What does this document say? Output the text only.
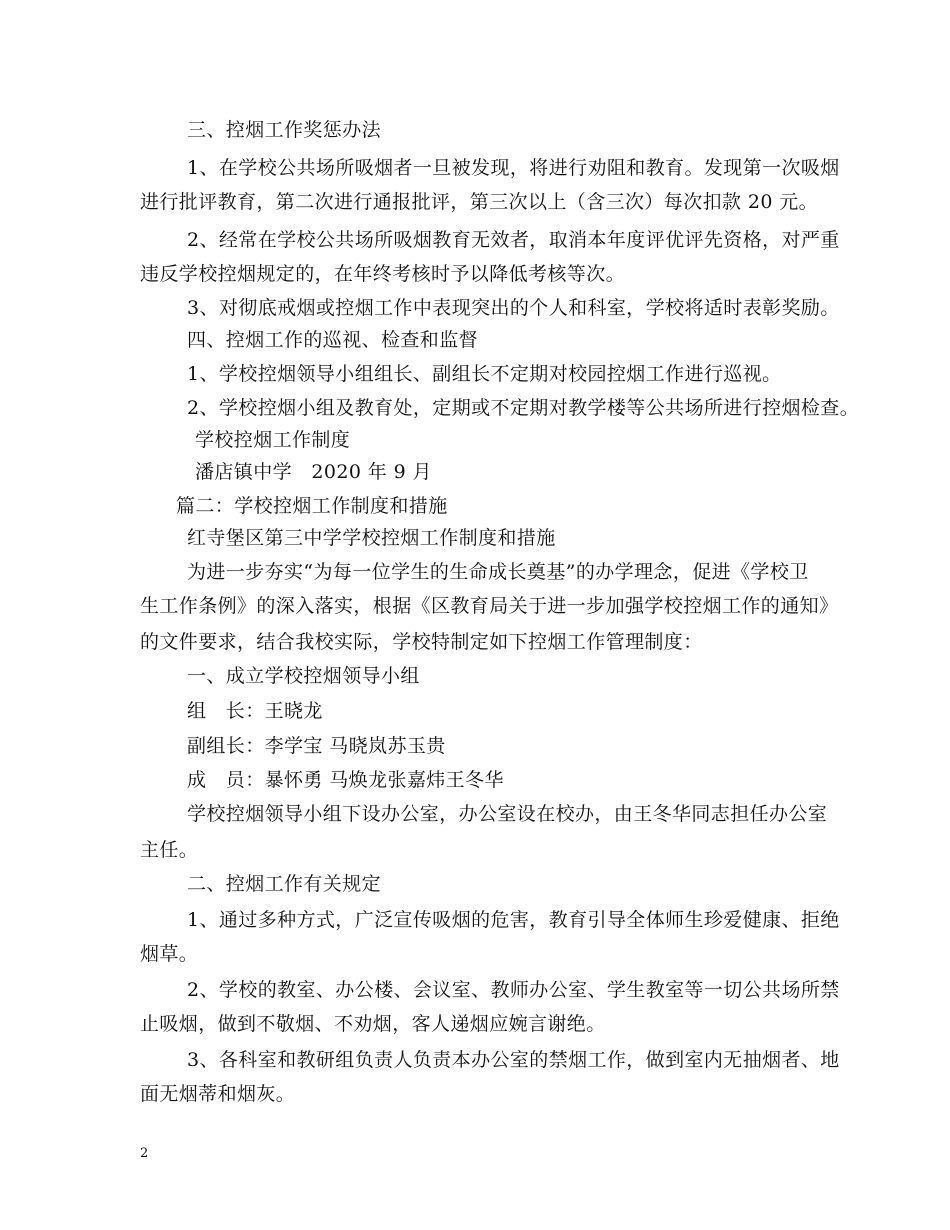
三、控烟工作奖惩办法
1、在学校公共场所吸烟者一旦被发现，将进行劝阻和教育。发现第一次吸烟
进行批评教育，第二次进行通报批评，第三次以上（含三次）每次扣款 20 元。
2、经常在学校公共场所吸烟教育无效者，取消本年度评优评先资格，对严重
违反学校控烟规定的，在年终考核时予以降低考核等次。
3、对彻底戒烟或控烟工作中表现突出的个人和科室，学校将适时表彰奖励。
四、控烟工作的巡视、检查和监督
1、学校控烟领导小组组长、副组长不定期对校园控烟工作进行巡视。
2、学校控烟小组及教育处，定期或不定期对教学楼等公共场所进行控烟检查。
学校控烟工作制度
潘店镇中学　2020 年 9 月
篇二：学校控烟工作制度和措施
红寺堡区第三中学学校控烟工作制度和措施
为进一步夯实“为每一位学生的生命成长奠基”的办学理念，促进《学校卫
生工作条例》的深入落实，根据《区教育局关于进一步加强学校控烟工作的通知》
的文件要求，结合我校实际，学校特制定如下控烟工作管理制度：
一、成立学校控烟领导小组
组　长：王晓龙
副组长：李学宝 马晓岚苏玉贵
成　员：暴怀勇 马焕龙张嘉炜王冬华
学校控烟领导小组下设办公室，办公室设在校办，由王冬华同志担任办公室
主任。
二、控烟工作有关规定
1、通过多种方式，广泛宣传吸烟的危害，教育引导全体师生珍爱健康、拒绝
烟草。
2、学校的教室、办公楼、会议室、教师办公室、学生教室等一切公共场所禁
止吸烟，做到不敬烟、不劝烟，客人递烟应婉言谢绝。
3、各科室和教研组负责人负责本办公室的禁烟工作，做到室内无抽烟者、地
面无烟蒂和烟灰。
2
